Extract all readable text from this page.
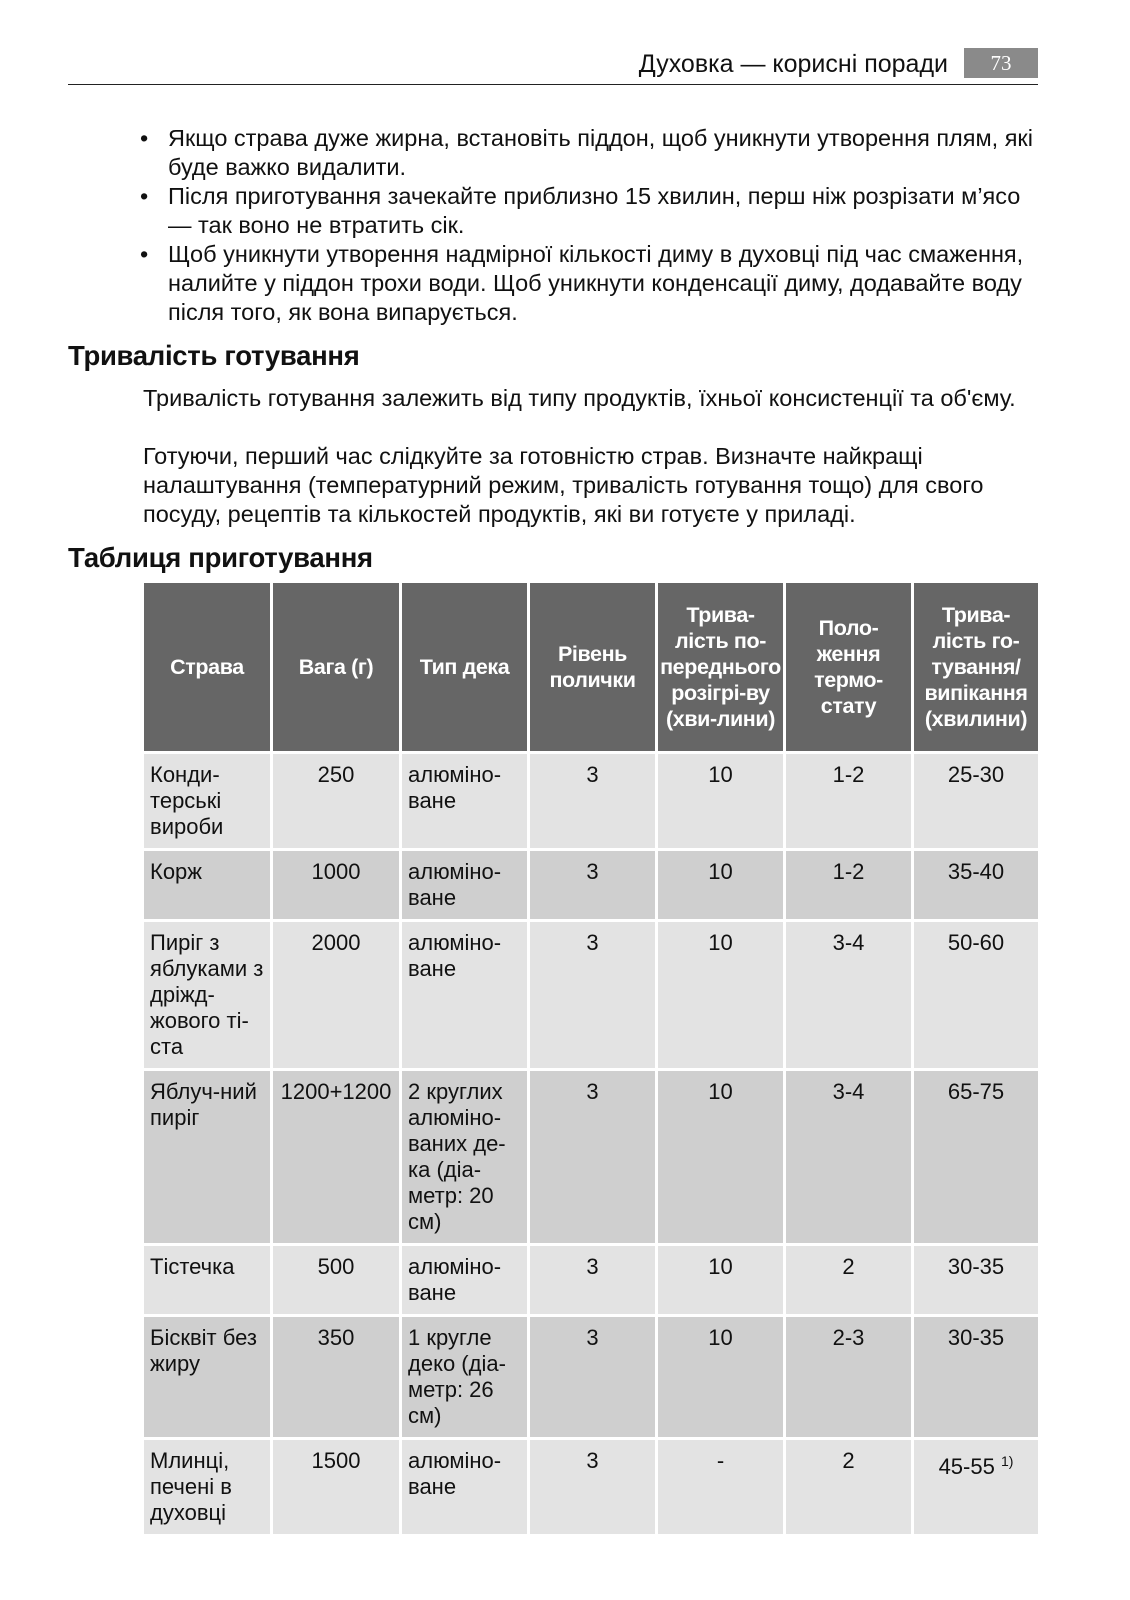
Духовка — корисні поради	73

• Якщо страва дуже жирна, встановіть піддон, щоб уникнути утворення плям, які буде важко видалити.

• Після приготування зачекайте приблизно 15 хвилин, перш ніж розрізати м’ясо — так воно не втратить сік.

• Щоб уникнути утворення надмірної кількості диму в духовці під час смаження, налийте у піддон трохи води. Щоб уникнути конденсації диму, додавайте воду після того, як вона випарується.

Тривалість готування

Тривалість готування залежить від типу продуктів, їхньої консистенції та об'єму.

Готуючи, перший час слідкуйте за готовністю страв. Визначте найкращі налаштування (температурний режим, тривалість готування тощо) для свого посуду, рецептів та кількостей продуктів, які ви готуєте у приладі.

Таблиця приготування
Страва	Вага (г)	Тип дека	Рівень полички	Трива-лість по-переднього розігрі-ву (хви-лини)	Поло-ження термо-стату	Трива-лість го-тування/ випікання (хвилини)
Конди-терські вироби	250	алюміно-ване	3	10	1-2	25-30
Корж	1000	алюміно-ване	3	10	1-2	35-40
Пиріг з яблуками з дріжд-жового ті-ста	2000	алюміно-ване	3	10	3-4	50-60
Яблуч-ний пиріг	1200+1200	2 круглих алюміно-ваних де-ка (діа-метр: 20 см)	3	10	3-4	65-75
Тістечка	500	алюміно-ване	3	10	2	30-35
Бісквіт без жиру	350	1 кругле деко (діа-метр: 26 см)	3	10	2-3	30-35
Млинці, печені в духовці	1500	алюміно-ване	3	-	2	45-55 $^{1)}$
